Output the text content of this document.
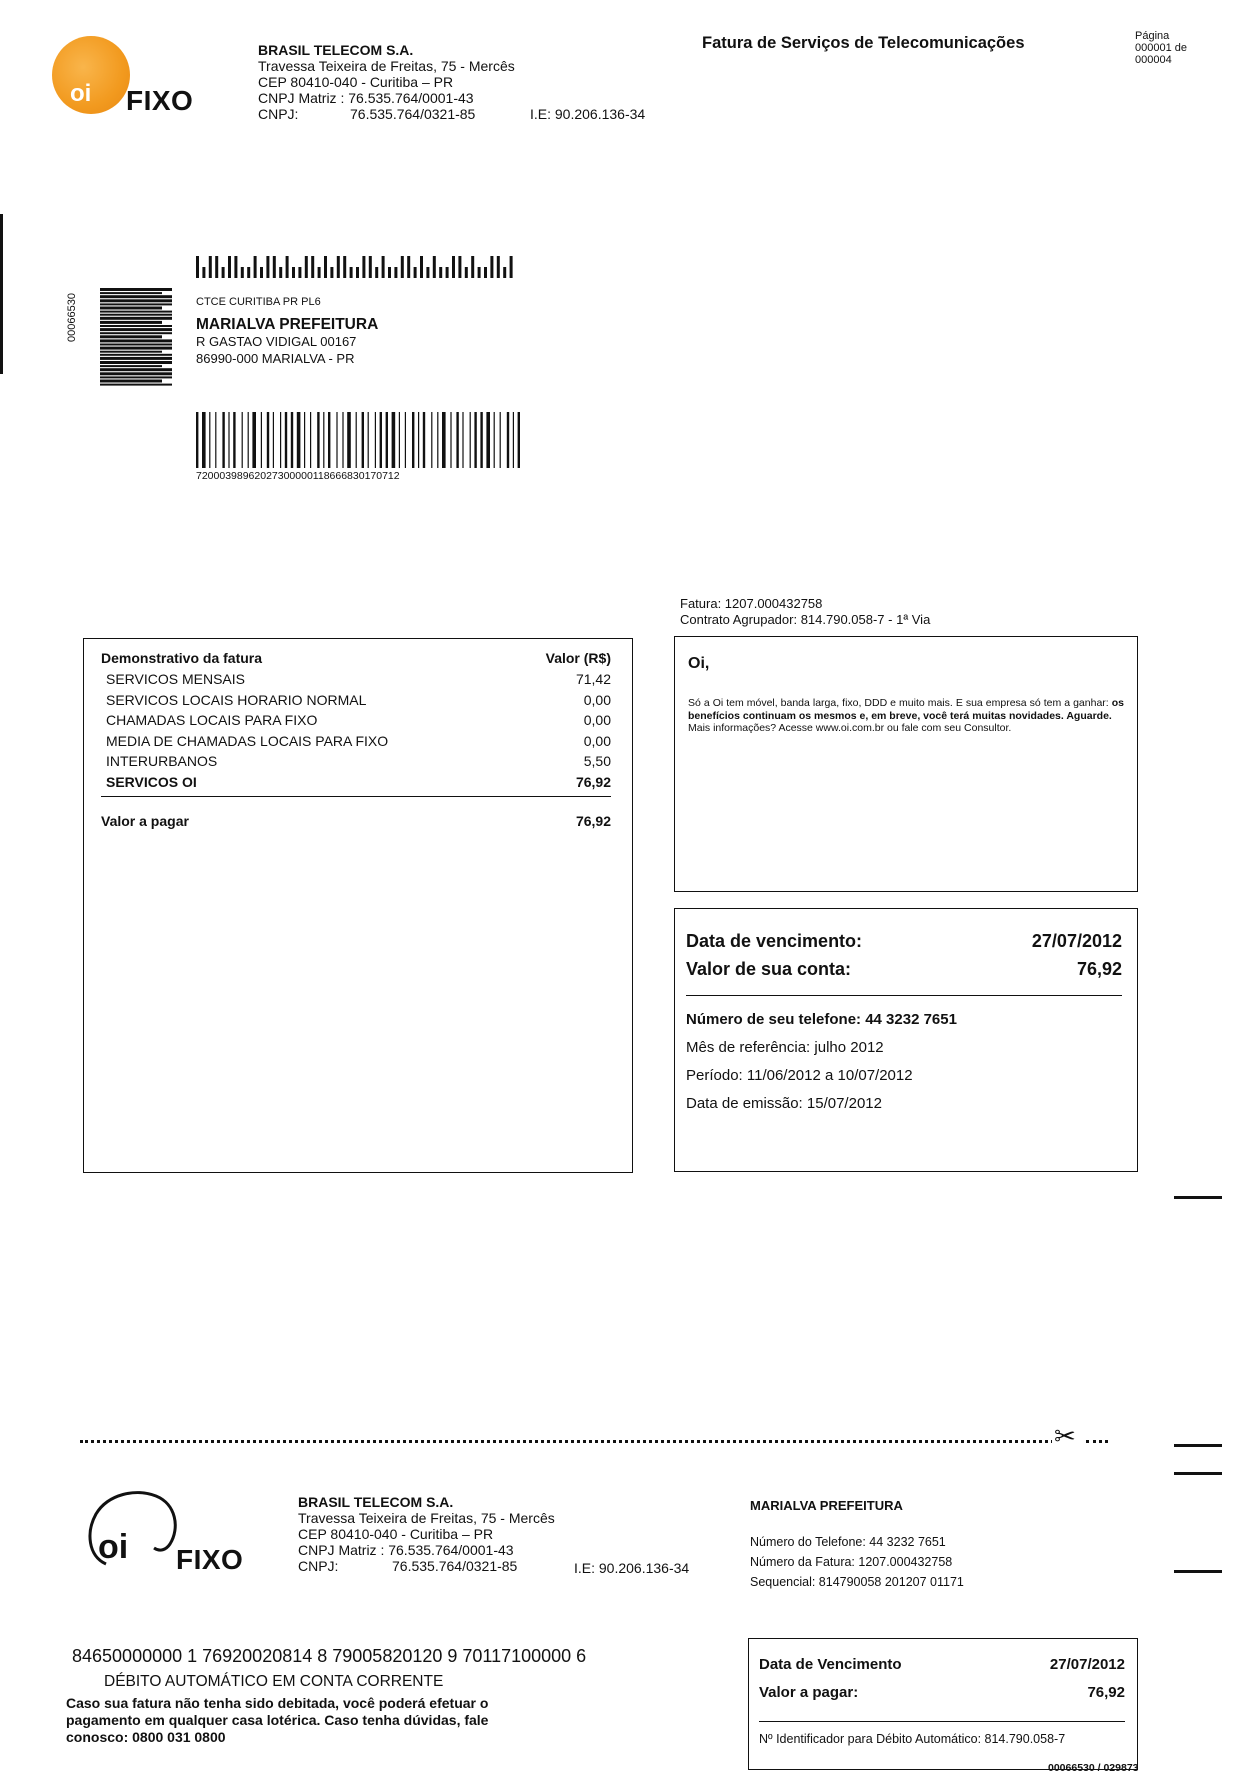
oi FIXO
BRASIL TELECOM S.A.
Travessa Teixeira de Freitas, 75 - Mercês
CEP 80410-040 - Curitiba – PR
CNPJ Matriz : 76.535.764/0001-43
CNPJ:	76.535.764/0321-85	I.E: 90.206.136-34
Fatura de Serviços de Telecomunicações	Página
000001 de
000004
00066530	CTCE CURITIBA PR PL6
MARIALVA PREFEITURA
R GASTAO VIDIGAL 00167
86990-000 MARIALVA - PR
72000398962027300000118666830170712
Fatura: 1207.000432758
Contrato Agrupador: 814.790.058-7 - 1ª Via
Demonstrativo da fatura	Valor (R$)
SERVICOS MENSAIS	71,42
SERVICOS LOCAIS HORARIO NORMAL	0,00
CHAMADAS LOCAIS PARA FIXO	0,00
MEDIA DE CHAMADAS LOCAIS PARA FIXO	0,00
INTERURBANOS	5,50
SERVICOS OI	76,92
Valor a pagar	76,92
Oi,
Só a Oi tem móvel, banda larga, fixo, DDD e muito mais. E sua empresa só tem a ganhar: os benefícios continuam os mesmos e, em breve, você terá muitas novidades. Aguarde.
Mais informações? Acesse www.oi.com.br ou fale com seu Consultor.
Data de vencimento:	27/07/2012
Valor de sua conta:	76,92
Número de seu telefone: 44 3232 7651
Mês de referência: julho 2012
Período: 11/06/2012 a 10/07/2012
Data de emissão: 15/07/2012
✂
oi FIXO
BRASIL TELECOM S.A.
Travessa Teixeira de Freitas, 75 - Mercês
CEP 80410-040 - Curitiba – PR
CNPJ Matriz : 76.535.764/0001-43
CNPJ:	76.535.764/0321-85	I.E: 90.206.136-34
MARIALVA PREFEITURA
Número do Telefone: 44 3232 7651
Número da Fatura: 1207.000432758
Sequencial: 814790058 201207 01171
84650000000 1 76920020814 8 79005820120 9 70117100000 6
DÉBITO AUTOMÁTICO EM CONTA CORRENTE
Caso sua fatura não tenha sido debitada, você poderá efetuar o pagamento em qualquer casa lotérica. Caso tenha dúvidas, fale conosco: 0800 031 0800
Data de Vencimento	27/07/2012
Valor a pagar:	76,92
Nº Identificador para Débito Automático: 814.790.058-7
00066530 / 029873
